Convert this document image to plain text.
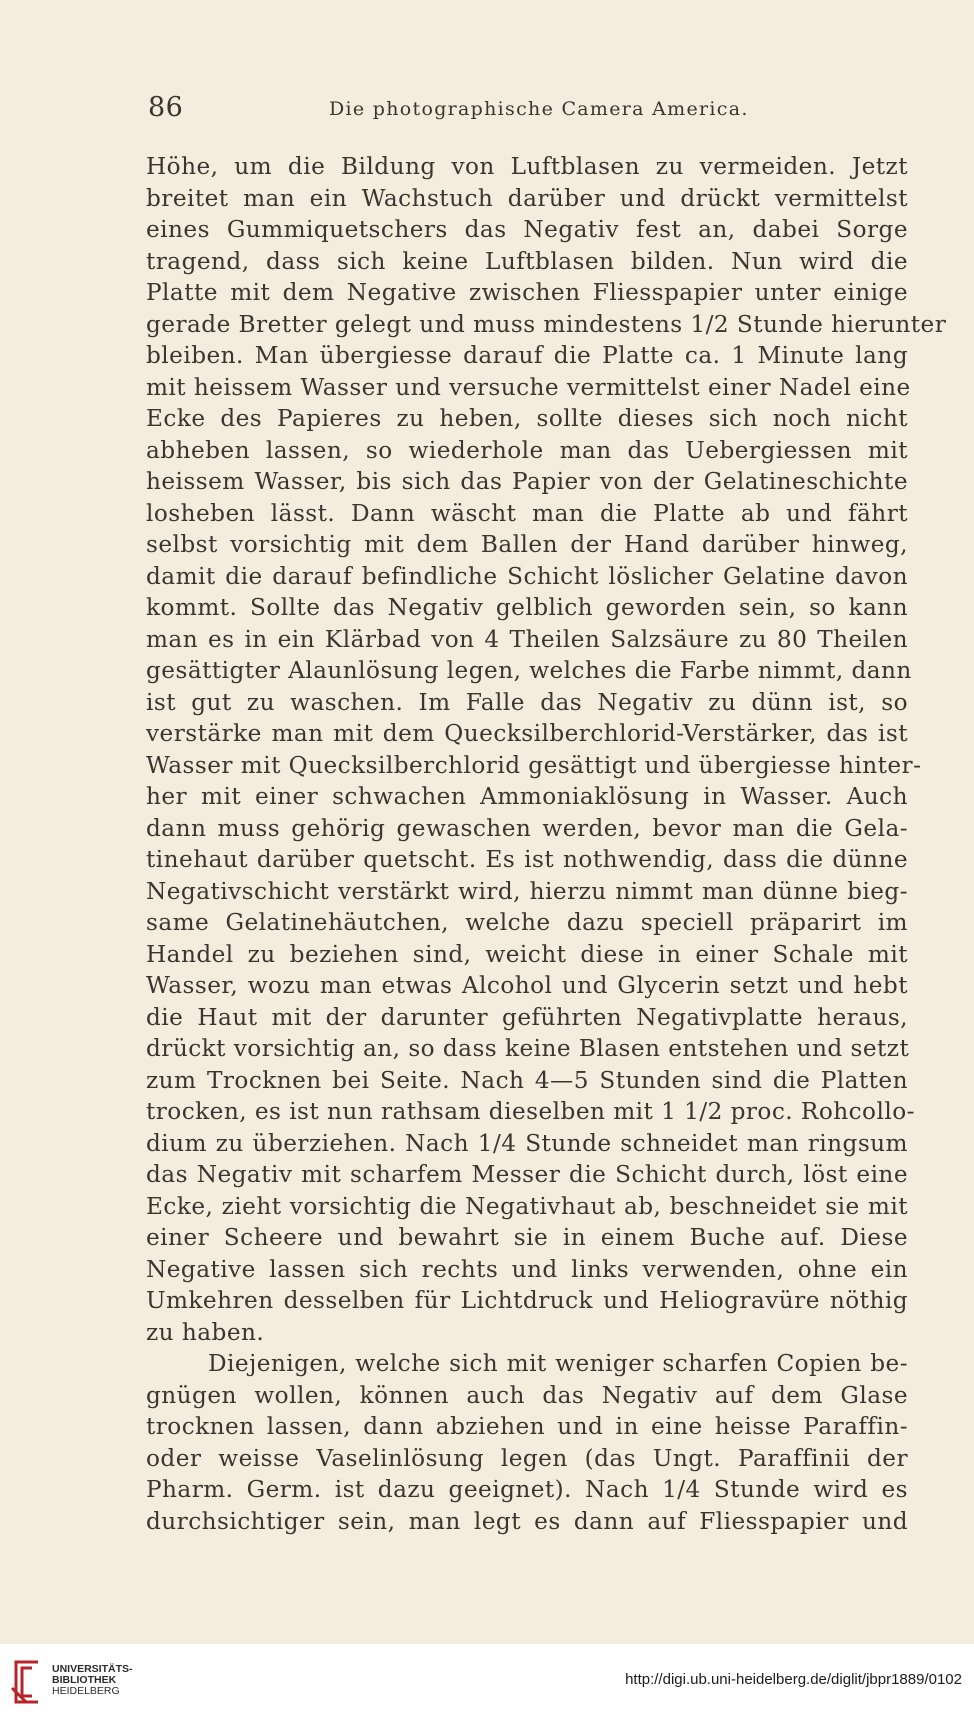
86	Die photographische Camera America.
Höhe, um die Bildung von Luftblasen zu vermeiden. Jetzt
breitet man ein Wachstuch darüber und drückt vermittelst
eines Gummiquetschers das Negativ fest an, dabei Sorge
tragend, dass sich keine Luftblasen bilden. Nun wird die
Platte mit dem Negative zwischen Fliesspapier unter einige
gerade Bretter gelegt und muss mindestens 1/2 Stunde hierunter
bleiben. Man übergiesse darauf die Platte ca. 1 Minute lang
mit heissem Wasser und versuche vermittelst einer Nadel eine
Ecke des Papieres zu heben, sollte dieses sich noch nicht
abheben lassen, so wiederhole man das Uebergiessen mit
heissem Wasser, bis sich das Papier von der Gelatineschichte
losheben lässt. Dann wäscht man die Platte ab und fährt
selbst vorsichtig mit dem Ballen der Hand darüber hinweg,
damit die darauf befindliche Schicht löslicher Gelatine davon
kommt. Sollte das Negativ gelblich geworden sein, so kann
man es in ein Klärbad von 4 Theilen Salzsäure zu 80 Theilen
gesättigter Alaunlösung legen, welches die Farbe nimmt, dann
ist gut zu waschen. Im Falle das Negativ zu dünn ist, so
verstärke man mit dem Quecksilberchlorid-Verstärker, das ist
Wasser mit Quecksilberchlorid gesättigt und übergiesse hinter-
her mit einer schwachen Ammoniaklösung in Wasser. Auch
dann muss gehörig gewaschen werden, bevor man die Gela-
tinehaut darüber quetscht. Es ist nothwendig, dass die dünne
Negativschicht verstärkt wird, hierzu nimmt man dünne bieg-
same Gelatinehäutchen, welche dazu speciell präparirt im
Handel zu beziehen sind, weicht diese in einer Schale mit
Wasser, wozu man etwas Alcohol und Glycerin setzt und hebt
die Haut mit der darunter geführten Negativplatte heraus,
drückt vorsichtig an, so dass keine Blasen entstehen und setzt
zum Trocknen bei Seite. Nach 4—5 Stunden sind die Platten
trocken, es ist nun rathsam dieselben mit 1 1/2 proc. Rohcollo-
dium zu überziehen. Nach 1/4 Stunde schneidet man ringsum
das Negativ mit scharfem Messer die Schicht durch, löst eine
Ecke, zieht vorsichtig die Negativhaut ab, beschneidet sie mit
einer Scheere und bewahrt sie in einem Buche auf. Diese
Negative lassen sich rechts und links verwenden, ohne ein
Umkehren desselben für Lichtdruck und Heliogravüre nöthig
zu haben.
Diejenigen, welche sich mit weniger scharfen Copien be-
gnügen wollen, können auch das Negativ auf dem Glase
trocknen lassen, dann abziehen und in eine heisse Paraffin-
oder weisse Vaselinlösung legen (das Ungt. Paraffinii der
Pharm. Germ. ist dazu geeignet). Nach 1/4 Stunde wird es
durchsichtiger sein, man legt es dann auf Fliesspapier und
UNIVERSITÄTS-
BIBLIOTHEK
HEIDELBERG
http://digi.ub.uni-heidelberg.de/diglit/jbpr1889/0102
